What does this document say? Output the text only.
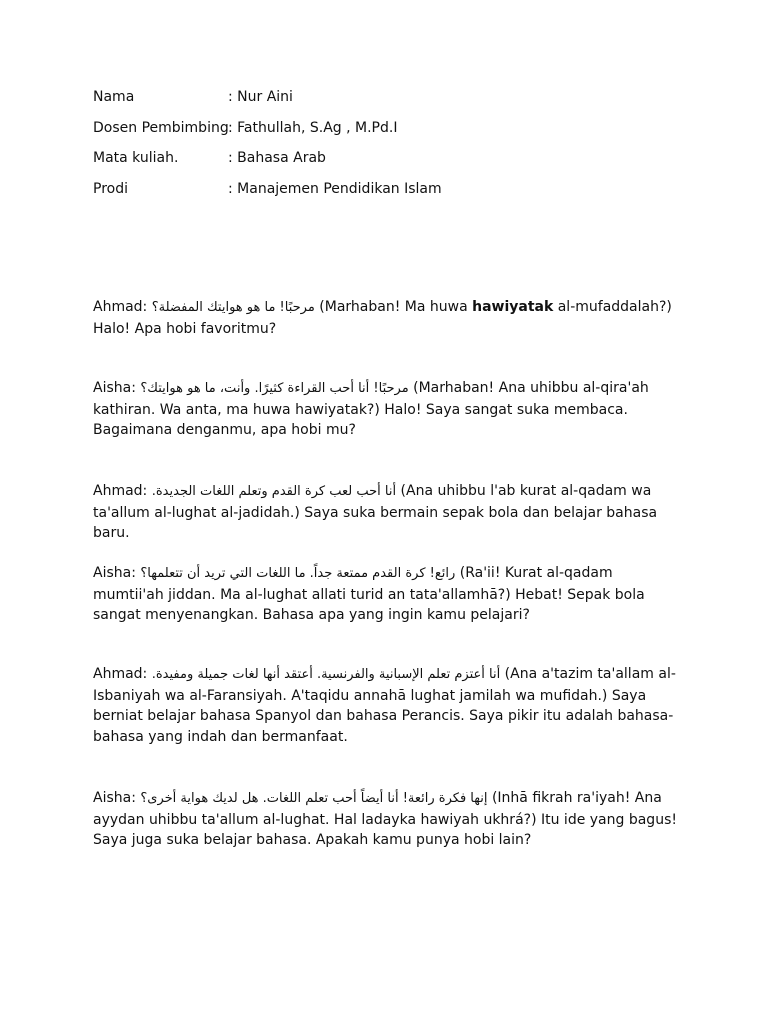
Nama	: Nur Aini
Dosen Pembimbing : Fathullah, S.Ag , M.Pd.I
Mata kuliah.	: Bahasa Arab
Prodi	: Manajemen Pendidikan Islam

Ahmad: مرحبًا! ما هو هوايتك المفضلة؟ (Marhaban! Ma huwa hawiyatak al-mufaddalah?) Halo! Apa hobi favoritmu?

Aisha: مرحبًا! أنا أحب القراءة كثيرًا. وأنت، ما هو هوايتك؟ (Marhaban! Ana uhibbu al-qira'ah kathiran. Wa anta, ma huwa hawiyatak?) Halo! Saya sangat suka membaca. Bagaimana denganmu, apa hobi mu?

Ahmad: أنا أحب لعب كرة القدم وتعلم اللغات الجديدة. (Ana uhibbu l'ab kurat al-qadam wa ta'allum al-lughat al-jadidah.) Saya suka bermain sepak bola dan belajar bahasa baru.

Aisha: رائع! كرة القدم ممتعة جداً. ما اللغات التي تريد أن تتعلمها؟ (Ra'ii! Kurat al-qadam mumtii'ah jiddan. Ma al-lughat allati turid an tata'allamhā?) Hebat! Sepak bola sangat menyenangkan. Bahasa apa yang ingin kamu pelajari?

Ahmad: أنا أعتزم تعلم الإسبانية والفرنسية. أعتقد أنها لغات جميلة ومفيدة. (Ana a'tazim ta'allam al-Isbaniyah wa al-Faransiyah. A'taqidu annahā lughat jamilah wa mufidah.) Saya berniat belajar bahasa Spanyol dan bahasa Perancis. Saya pikir itu adalah bahasa-bahasa yang indah dan bermanfaat.

Aisha: إنها فكرة رائعة! أنا أيضاً أحب تعلم اللغات. هل لديك هواية أخرى؟ (Inhā fikrah ra'iyah! Ana ayydan uhibbu ta'allum al-lughat. Hal ladayka hawiyah ukhrá?) Itu ide yang bagus! Saya juga suka belajar bahasa. Apakah kamu punya hobi lain?
